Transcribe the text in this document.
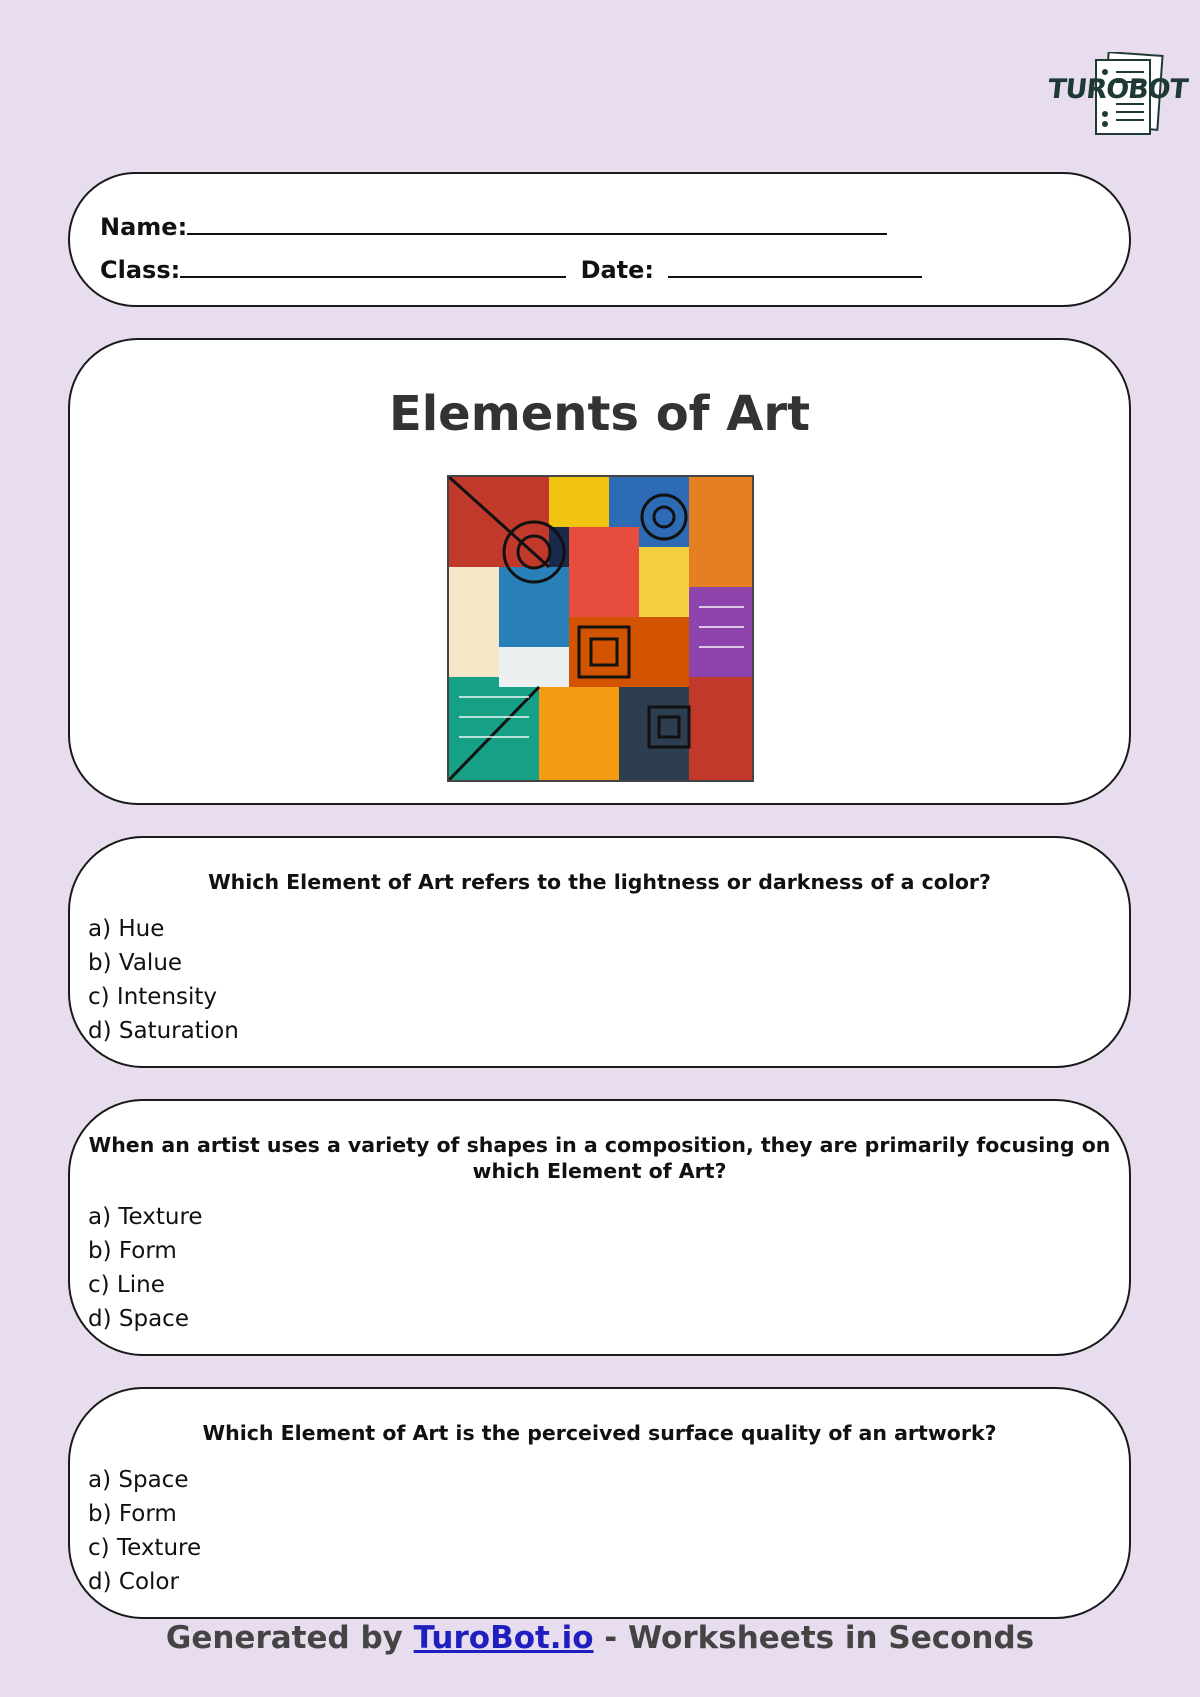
TUROBOT
Name:
Class:	Date:
Elements of Art
Which Element of Art refers to the lightness or darkness of a color?
a) Hue
b) Value
c) Intensity
d) Saturation
When an artist uses a variety of shapes in a composition, they are primarily focusing on which Element of Art?
a) Texture
b) Form
c) Line
d) Space
Which Element of Art is the perceived surface quality of an artwork?
a) Space
b) Form
c) Texture
d) Color
Generated by TuroBot.io - Worksheets in Seconds
